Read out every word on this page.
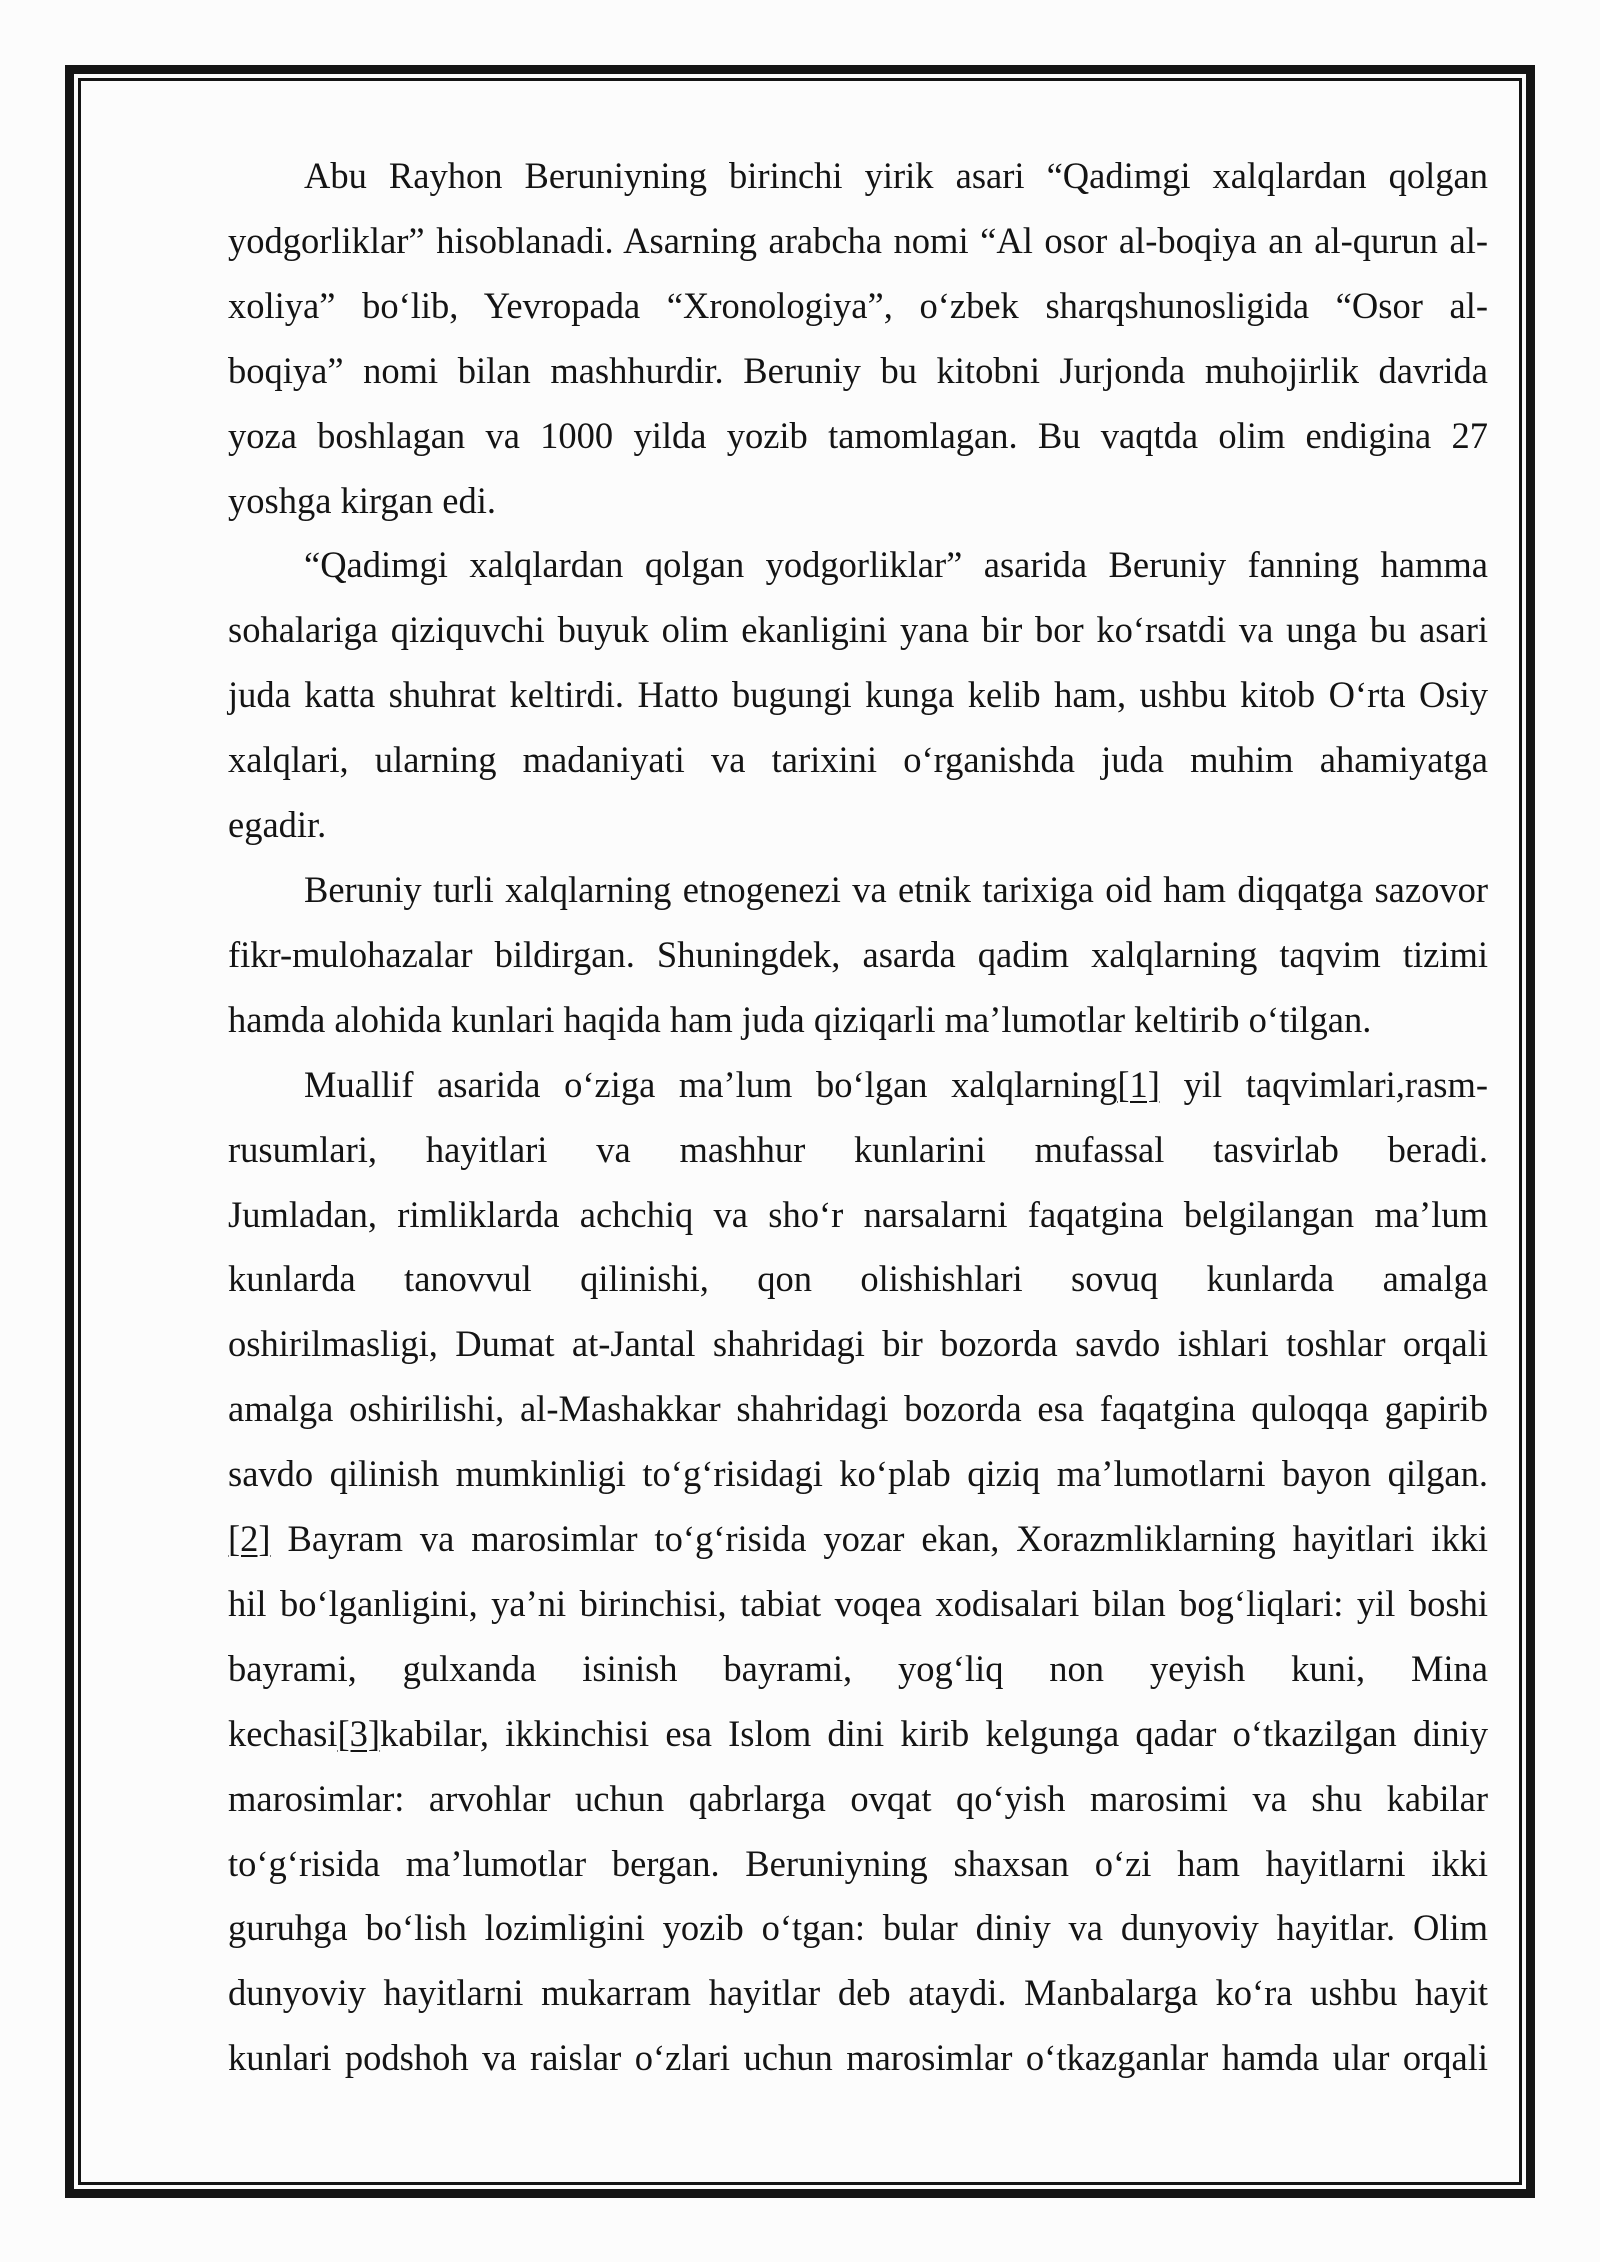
Abu Rayhon Beruniyning birinchi yirik asari “Qadimgi xalqlardan qolgan
yodgorliklar” hisoblanadi. Asarning arabcha nomi “Al osor al-boqiya an al-qurun al-
xoliya” bo‘lib, Yevropada “Xronologiya”, o‘zbek sharqshunosligida “Osor al-
boqiya” nomi bilan mashhurdir. Beruniy bu kitobni Jurjonda muhojirlik davrida
yoza boshlagan va 1000 yilda yozib tamomlagan. Bu vaqtda olim endigina 27
yoshga kirgan edi.
“Qadimgi xalqlardan qolgan yodgorliklar” asarida Beruniy fanning hamma
sohalariga qiziquvchi buyuk olim ekanligini yana bir bor ko‘rsatdi va unga bu asari
juda katta shuhrat keltirdi. Hatto bugungi kunga kelib ham, ushbu kitob O‘rta Osiy
xalqlari, ularning madaniyati va tarixini o‘rganishda juda muhim ahamiyatga
egadir.
Beruniy turli xalqlarning etnogenezi va etnik tarixiga oid ham diqqatga sazovor
fikr-mulohazalar bildirgan. Shuningdek, asarda qadim xalqlarning taqvim tizimi
hamda alohida kunlari haqida ham juda qiziqarli ma’lumotlar keltirib o‘tilgan.
Muallif asarida o‘ziga ma’lum bo‘lgan xalqlarning[1] yil taqvimlari,rasm-
rusumlari, hayitlari va mashhur kunlarini mufassal tasvirlab beradi.
Jumladan, rimliklarda achchiq va sho‘r narsalarni faqatgina belgilangan ma’lum
kunlarda tanovvul qilinishi, qon olishishlari sovuq kunlarda amalga
oshirilmasligi, Dumat at-Jantal shahridagi bir bozorda savdo ishlari toshlar orqali
amalga oshirilishi, al-Mashakkar shahridagi bozorda esa faqatgina quloqqa gapirib
savdo qilinish mumkinligi to‘g‘risidagi ko‘plab qiziq ma’lumotlarni bayon qilgan.
[2] Bayram va marosimlar to‘g‘risida yozar ekan, Xorazmliklarning hayitlari ikki
hil bo‘lganligini, ya’ni birinchisi, tabiat voqea xodisalari bilan bog‘liqlari: yil boshi
bayrami, gulxanda isinish bayrami, yog‘liq non yeyish kuni, Mina
kechasi[3]kabilar, ikkinchisi esa Islom dini kirib kelgunga qadar o‘tkazilgan diniy
marosimlar: arvohlar uchun qabrlarga ovqat qo‘yish marosimi va shu kabilar
to‘g‘risida ma’lumotlar bergan. Beruniyning shaxsan o‘zi ham hayitlarni ikki
guruhga bo‘lish lozimligini yozib o‘tgan: bular diniy va dunyoviy hayitlar. Olim
dunyoviy hayitlarni mukarram hayitlar deb ataydi. Manbalarga ko‘ra ushbu hayit
kunlari podshoh va raislar o‘zlari uchun marosimlar o‘tkazganlar hamda ular orqali
